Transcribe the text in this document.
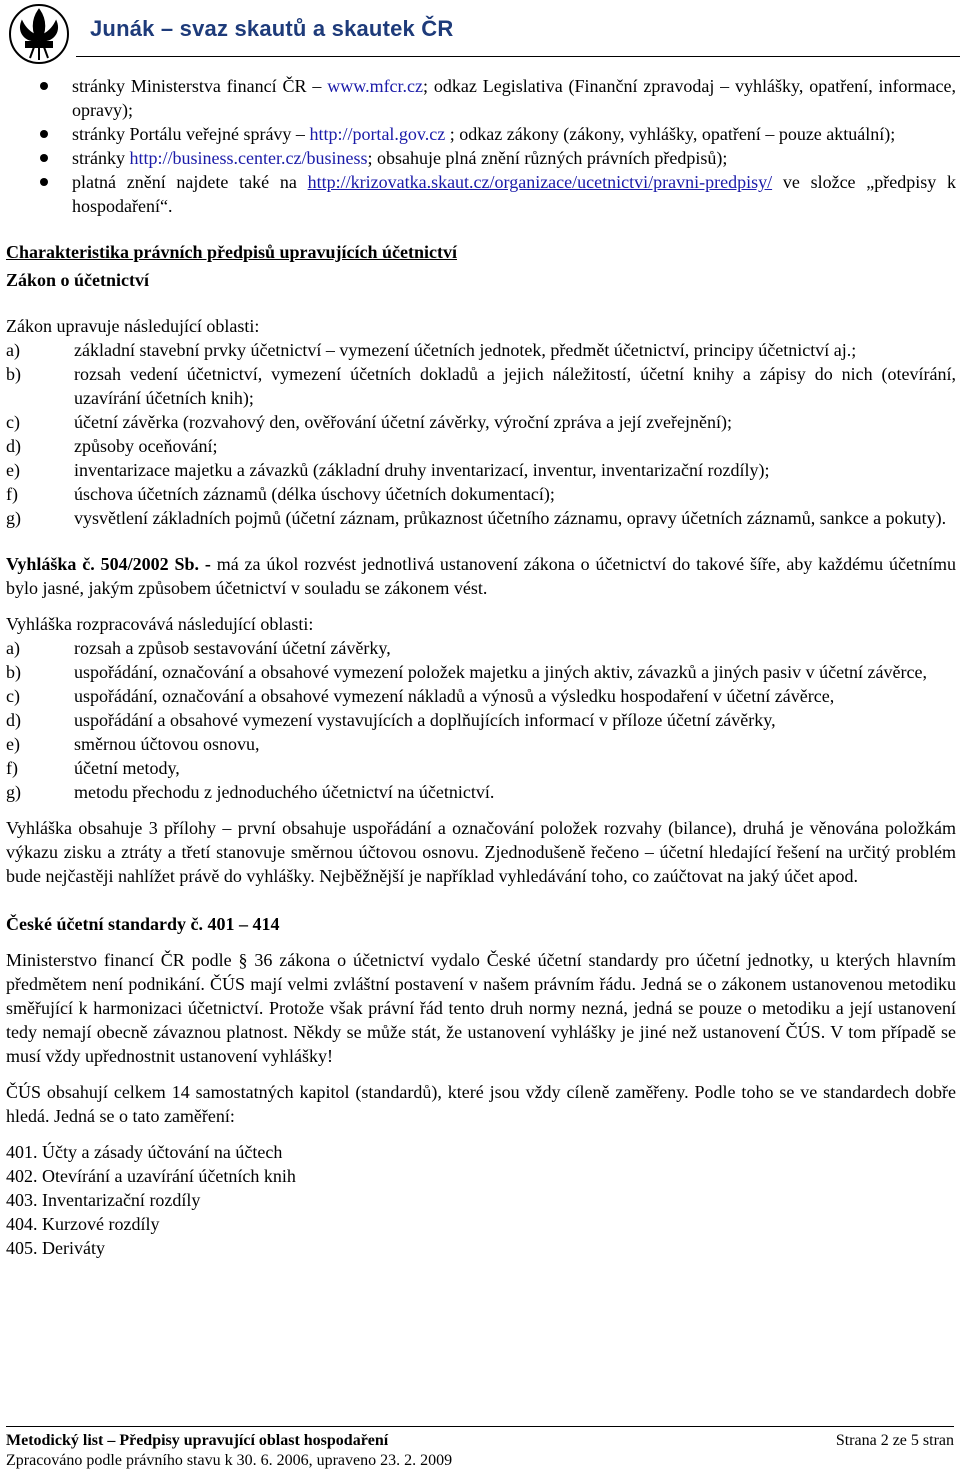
Junák – svaz skautů a skautek ČR
stránky Ministerstva financí ČR – www.mfcr.cz; odkaz Legislativa (Finanční zpravodaj – vyhlášky, opatření, informace, opravy);
stránky Portálu veřejné správy – http://portal.gov.cz ; odkaz zákony (zákony, vyhlášky, opatření – pouze aktuální);
stránky http://business.center.cz/business; obsahuje plná znění různých právních předpisů);
platná znění najdete také na http://krizovatka.skaut.cz/organizace/ucetnictvi/pravni-predpisy/ ve složce „předpisy k hospodaření“.

Charakteristika právních předpisů upravujících účetnictví

Zákon o účetnictví

Zákon upravuje následující oblasti:

a)	základní stavební prvky účetnictví – vymezení účetních jednotek, předmět účetnictví, principy účetnictví aj.;
b)	rozsah vedení účetnictví, vymezení účetních dokladů a jejich náležitostí, účetní knihy a zápisy do nich (otevírání, uzavírání účetních knih);
c)	účetní závěrka (rozvahový den, ověřování účetní závěrky, výroční zpráva a její zveřejnění);
d)	způsoby oceňování;
e)	inventarizace majetku a závazků (základní druhy inventarizací, inventur, inventarizační rozdíly);
f)	úschova účetních záznamů (délka úschovy účetních dokumentací);
g)	vysvětlení základních pojmů (účetní záznam, průkaznost účetního záznamu, opravy účetních záznamů, sankce a pokuty).

Vyhláška č. 504/2002 Sb. - má za úkol rozvést jednotlivá ustanovení zákona o účetnictví do takové šíře, aby každému účetnímu bylo jasné, jakým způsobem účetnictví v souladu se zákonem vést.

Vyhláška rozpracovává následující oblasti:

a)	rozsah a způsob sestavování účetní závěrky,
b)	uspořádání, označování a obsahové vymezení položek majetku a jiných aktiv, závazků a jiných pasiv v účetní závěrce,
c)	uspořádání, označování a obsahové vymezení nákladů a výnosů a výsledku hospodaření v účetní závěrce,
d)	uspořádání a obsahové vymezení vystavujících a doplňujících informací v příloze účetní závěrky,
e)	směrnou účtovou osnovu,
f)	účetní metody,
g)	metodu přechodu z jednoduchého účetnictví na účetnictví.

Vyhláška obsahuje 3 přílohy – první obsahuje uspořádání a označování položek rozvahy (bilance), druhá je věnována položkám výkazu zisku a ztráty a třetí stanovuje směrnou účtovou osnovu. Zjednodušeně řečeno – účetní hledající řešení na určitý problém bude nejčastěji nahlížet právě do vyhlášky. Nejběžnější je například vyhledávání toho, co zaúčtovat na jaký účet apod.

České účetní standardy č. 401 – 414

Ministerstvo financí ČR podle § 36 zákona o účetnictví vydalo České účetní standardy pro účetní jednotky, u kterých hlavním předmětem není podnikání. ČÚS mají velmi zvláštní postavení v našem právním řádu. Jedná se o zákonem ustanovenou metodiku směřující k harmonizaci účetnictví. Protože však právní řád tento druh normy nezná, jedná se pouze o metodiku a její ustanovení tedy nemají obecně závaznou platnost. Někdy se může stát, že ustanovení vyhlášky je jiné než ustanovení ČÚS. V tom případě se musí vždy upřednostnit ustanovení vyhlášky!

ČÚS obsahují celkem 14 samostatných kapitol (standardů), které jsou vždy cíleně zaměřeny. Podle toho se ve standardech dobře hledá. Jedná se o tato zaměření:

401. Účty a zásady účtování na účtech
402. Otevírání a uzavírání účetních knih
403. Inventarizační rozdíly
404. Kurzové rozdíly
405. Deriváty
Metodický list – Předpisy upravující oblast hospodaření	Strana 2 ze 5 stran
Zpracováno podle právního stavu k 30. 6. 2006, upraveno 23. 2. 2009
